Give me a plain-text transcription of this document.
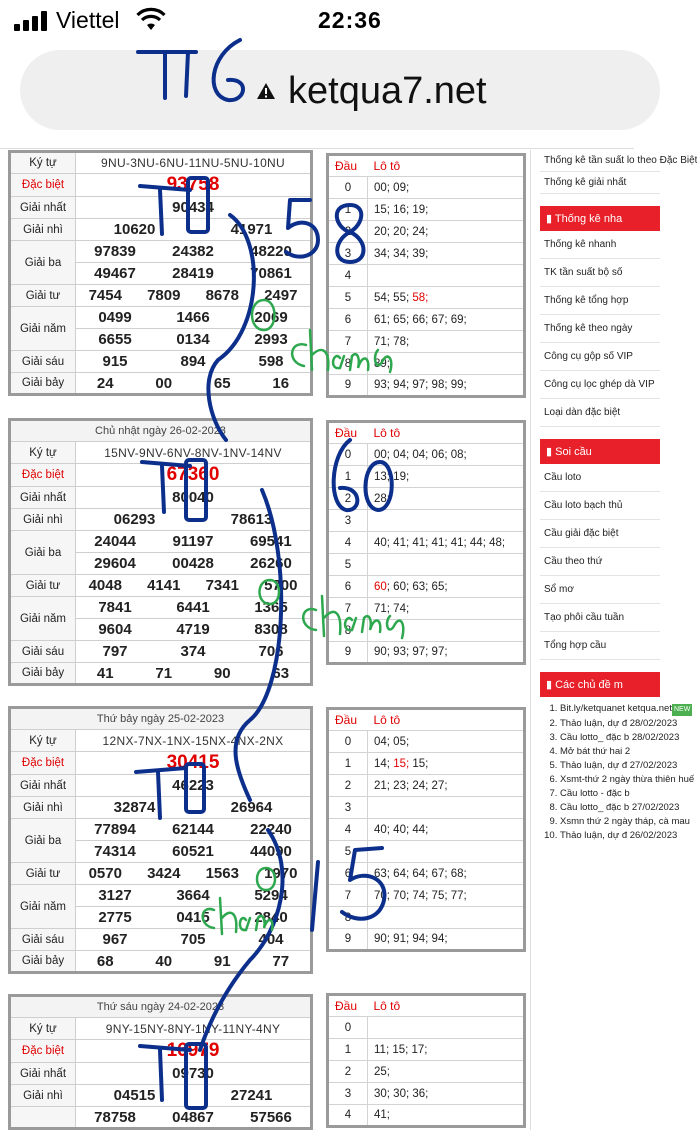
Viettel	22:36
ketqua7.net
Ký tự	9NU-3NU-6NU-11NU-5NU-10NU
Đặc biệt	93758
Giải nhất	90434

Giải nhì	10620 41971

Giải ba	97839 24382 48220

	49467 28419 70861

Giải tư	7454 7809 8678 2497

Giải năm	0499 1466 2069

	6655 0134 2993

Giải sáu	915 894 598

Giải bảy	24 00 65 16
Đầu	Lô tô
0	00; 09;
1	15; 16; 19;
2	20; 20; 24;
3	34; 34; 39;
4	
5	54; 55; 58;
6	61; 65; 66; 67; 69;
7	71; 78;
8	89;
9	93; 94; 97; 98; 99;
Chủ nhật ngày 26-02-2023	
Ký tự	15NV-9NV-6NV-8NV-1NV-14NV
Đặc biệt	67360
Giải nhất	80040

Giải nhì	06293 78613

Giải ba	24044 91197 69541

	29604 00428 26260

Giải tư	4048 4141 7341 5700

Giải năm	7841 6441 1365

	9604 4719 8308

Giải sáu	797 374 706

Giải bảy	41 71 90 63
Đầu	Lô tô
0	00; 04; 04; 06; 08;
1	13; 19;
2	28;
3	
4	40; 41; 41; 41; 41; 44; 48;
5	
6	60; 60; 63; 65;
7	71; 74;
8	
9	90; 93; 97; 97;
Thứ bảy ngày 25-02-2023	
Ký tự	12NX-7NX-1NX-15NX-4NX-2NX
Đặc biệt	30415
Giải nhất	46223

Giải nhì	32874 26964

Giải ba	77894 62144 22240

	74314 60521 44090

Giải tư	0570 3424 1563 1970

Giải năm	3127 3664 5294

	2775 0415 2840

Giải sáu	967 705 404

Giải bảy	68 40 91 77
Đầu	Lô tô
0	04; 05;
1	14; 15; 15;
2	21; 23; 24; 27;
3	
4	40; 40; 44;
5	
6	63; 64; 64; 67; 68;
7	70; 70; 74; 75; 77;
8	
9	90; 91; 94; 94;
Thứ sáu ngày 24-02-2023	
Ký tự	9NY-15NY-8NY-1NY-11NY-4NY
Đặc biệt	16979
Giải nhất	09730

Giải nhì	04515 27241

	78758 04867 57566
Đầu	Lô tô
0	
1	11; 15; 17;
2	25;
3	30; 30; 36;
4	41;
Thống kê tần suất lo theo Đặc Biệt
Thống kê giải nhất
▮ Thống kê nha
Thống kê nhanh
TK tần suất bộ số
Thống kê tổng hợp
Thống kê theo ngày
Công cụ gộp số VIP
Công cụ lọc ghép dà VIP
Loại dàn đặc biệt
▮ Soi cầu
Cầu loto
Cầu loto bạch thủ
Cầu giải đặc biệt
Cầu theo thứ
Sổ mơ
Tạo phôi cầu tuần
Tổng hợp cầu
▮ Các chủ đề m
1. Bit.ly/ketquanet ketqua.net NEW
2. Thảo luận, dự đ 28/02/2023
3. Cầu lotto_ đặc b 28/02/2023
4. Mở bát thứ hai 2
5. Thảo luận, dự đ 27/02/2023
6. Xsmt-thứ 2 ngày thừa thiên huế
7. Cầu lotto - đặc b
8. Cầu lotto_ đặc b 27/02/2023
9. Xsmn thứ 2 ngày tháp, cà mau
10. Thảo luận, dự đ 26/02/2023
